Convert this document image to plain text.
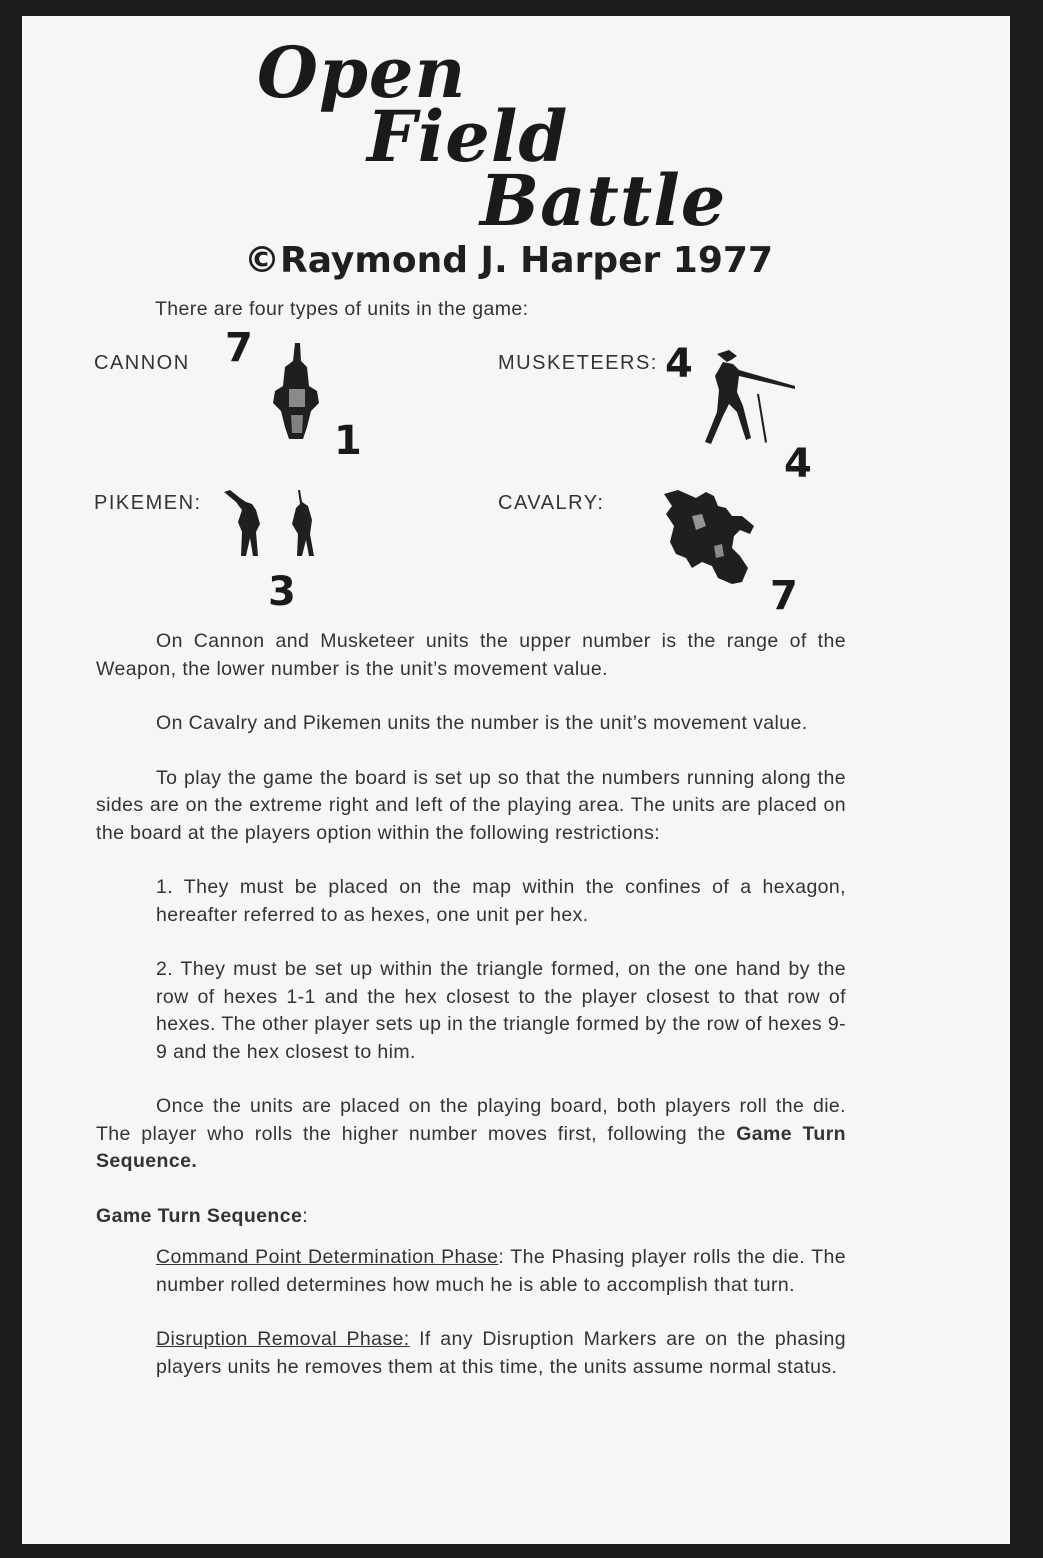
Open
Field
Battle
©Raymond J. Harper 1977
There are four types of units in the game:
CANNON 7
1
MUSKETEERS: 4
4
PIKEMEN:
3
CAVALRY:
7

On Cannon and Musketeer units the upper number is the range of the Weapon, the lower number is the unit’s movement value.

On Cavalry and Pikemen units the number is the unit’s movement value.

To play the game the board is set up so that the numbers running along the sides are on the extreme right and left of the playing area. The units are placed on the board at the players option within the following restrictions:

1. They must be placed on the map within the confines of a hexagon, hereafter referred to as hexes, one unit per hex.

2. They must be set up within the triangle formed, on the one hand by the row of hexes 1-1 and the hex closest to the player closest to that row of hexes. The other player sets up in the triangle formed by the row of hexes 9-9 and the hex closest to him.

Once the units are placed on the playing board, both players roll the die. The player who rolls the higher number moves first, following the Game Turn Sequence.

Game Turn Sequence:

Command Point Determination Phase: The Phasing player rolls the die. The number rolled determines how much he is able to accomplish that turn.

Disruption Removal Phase: If any Disruption Markers are on the phasing players units he removes them at this time, the units assume normal status.
